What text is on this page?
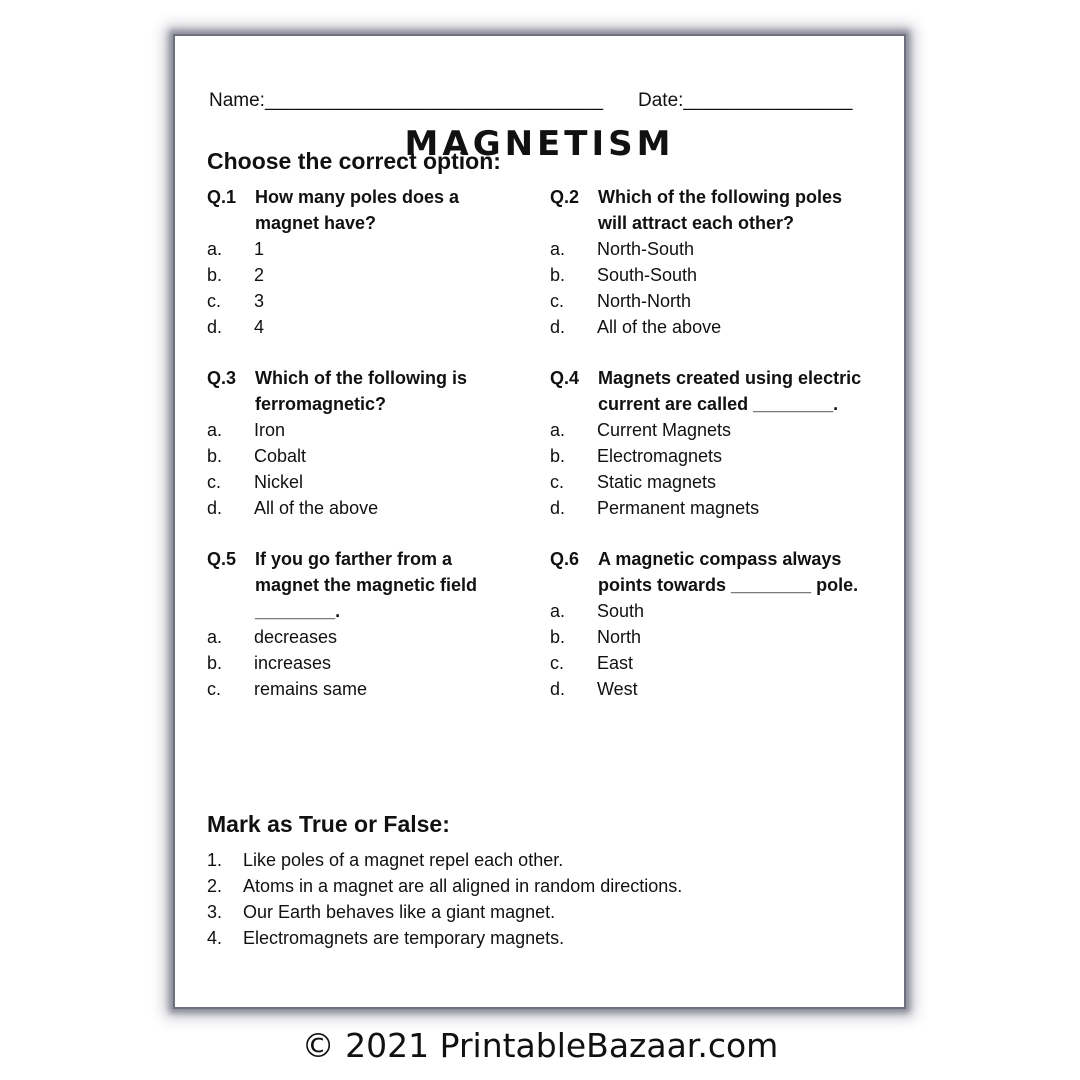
Name:________________________________ Date:________________
MAGNETISM
Choose the correct option:
Q.1	How many poles does a magnet have?
a.	1
b.	2
c.	3
d.	4
Q.2	Which of the following poles will attract each other?
a.	North-South
b.	South-South
c.	North-North
d.	All of the above
Q.3	Which of the following is ferromagnetic?
a.	Iron
b.	Cobalt
c.	Nickel
d.	All of the above
Q.4	Magnets created using electric current are called ________.
a.	Current Magnets
b.	Electromagnets
c.	Static magnets
d.	Permanent magnets
Q.5	If you go farther from a magnet the magnetic field ________.
a.	decreases
b.	increases
c.	remains same
Q.6	A magnetic compass always points towards ________ pole.
a.	South
b.	North
c.	East
d.	West
Mark as True or False:
1.	Like poles of a magnet repel each other.
2.	Atoms in a magnet are all aligned in random directions.
3.	Our Earth behaves like a giant magnet.
4.	Electromagnets are temporary magnets.
© 2021 PrintableBazaar.com
